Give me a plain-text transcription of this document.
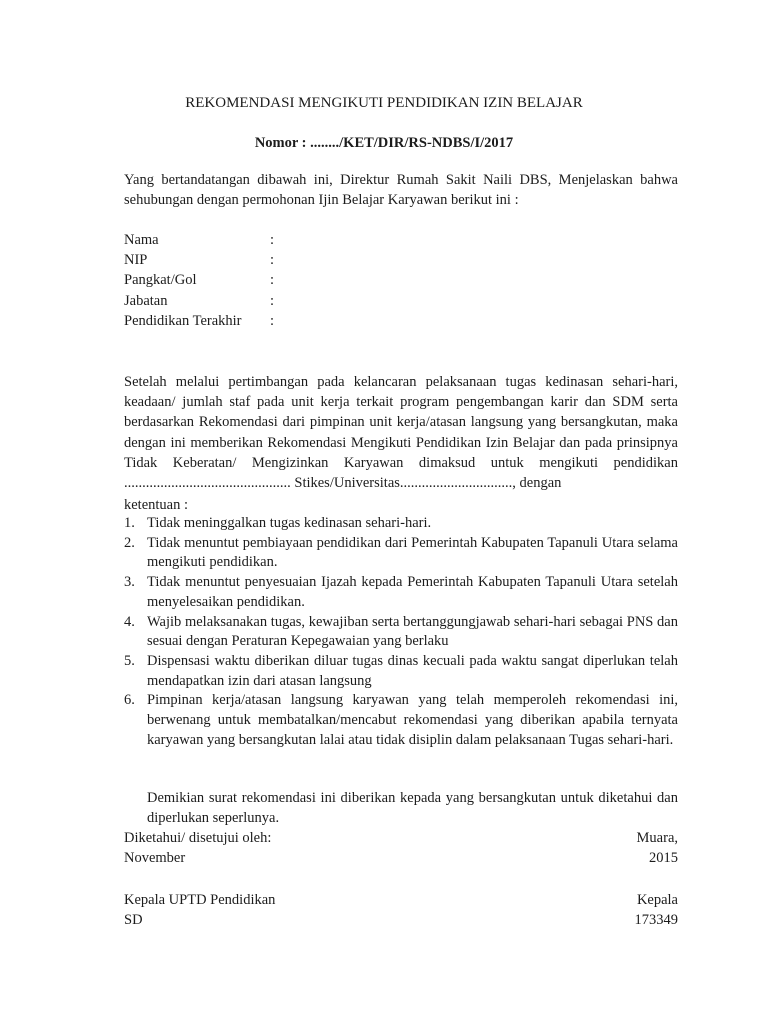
REKOMENDASI MENGIKUTI PENDIDIKAN IZIN BELAJAR
Nomor : ......../KET/DIR/RS-NDBS/I/2017
Yang bertandatangan dibawah ini, Direktur Rumah Sakit Naili DBS, Menjelaskan bahwa sehubungan dengan permohonan Ijin Belajar Karyawan berikut ini :
Nama	:
NIP	:
Pangkat/Gol	:
Jabatan	:
Pendidikan Terakhir	:
Setelah melalui pertimbangan pada kelancaran pelaksanaan tugas kedinasan sehari-hari, keadaan/ jumlah staf pada unit kerja terkait program pengembangan karir dan SDM serta berdasarkan Rekomendasi dari pimpinan unit kerja/atasan langsung yang bersangkutan, maka dengan ini memberikan Rekomendasi Mengikuti Pendidikan Izin Belajar dan pada prinsipnya Tidak Keberatan/ Mengizinkan Karyawan dimaksud untuk mengikuti pendidikan .............................................. Stikes/Universitas..............................., dengan
ketentuan :
1. Tidak meninggalkan tugas kedinasan sehari-hari.
2. Tidak menuntut pembiayaan pendidikan dari Pemerintah Kabupaten Tapanuli Utara selama mengikuti pendidikan.
3. Tidak menuntut penyesuaian Ijazah kepada Pemerintah Kabupaten Tapanuli Utara setelah menyelesaikan pendidikan.
4. Wajib melaksanakan tugas, kewajiban serta bertanggungjawab sehari-hari sebagai PNS dan sesuai dengan Peraturan Kepegawaian yang berlaku
5. Dispensasi waktu diberikan diluar tugas dinas kecuali pada waktu sangat diperlukan telah mendapatkan izin dari atasan langsung
6. Pimpinan kerja/atasan langsung karyawan yang telah memperoleh rekomendasi ini, berwenang untuk membatalkan/mencabut rekomendasi yang diberikan apabila ternyata karyawan yang bersangkutan lalai atau tidak disiplin dalam pelaksanaan Tugas sehari-hari.
Demikian surat rekomendasi ini diberikan kepada yang bersangkutan untuk diketahui dan diperlukan seperlunya.
Diketahui/ disetujui oleh:	Muara,
November	2015
Kepala UPTD Pendidikan	Kepala
SD	173349
